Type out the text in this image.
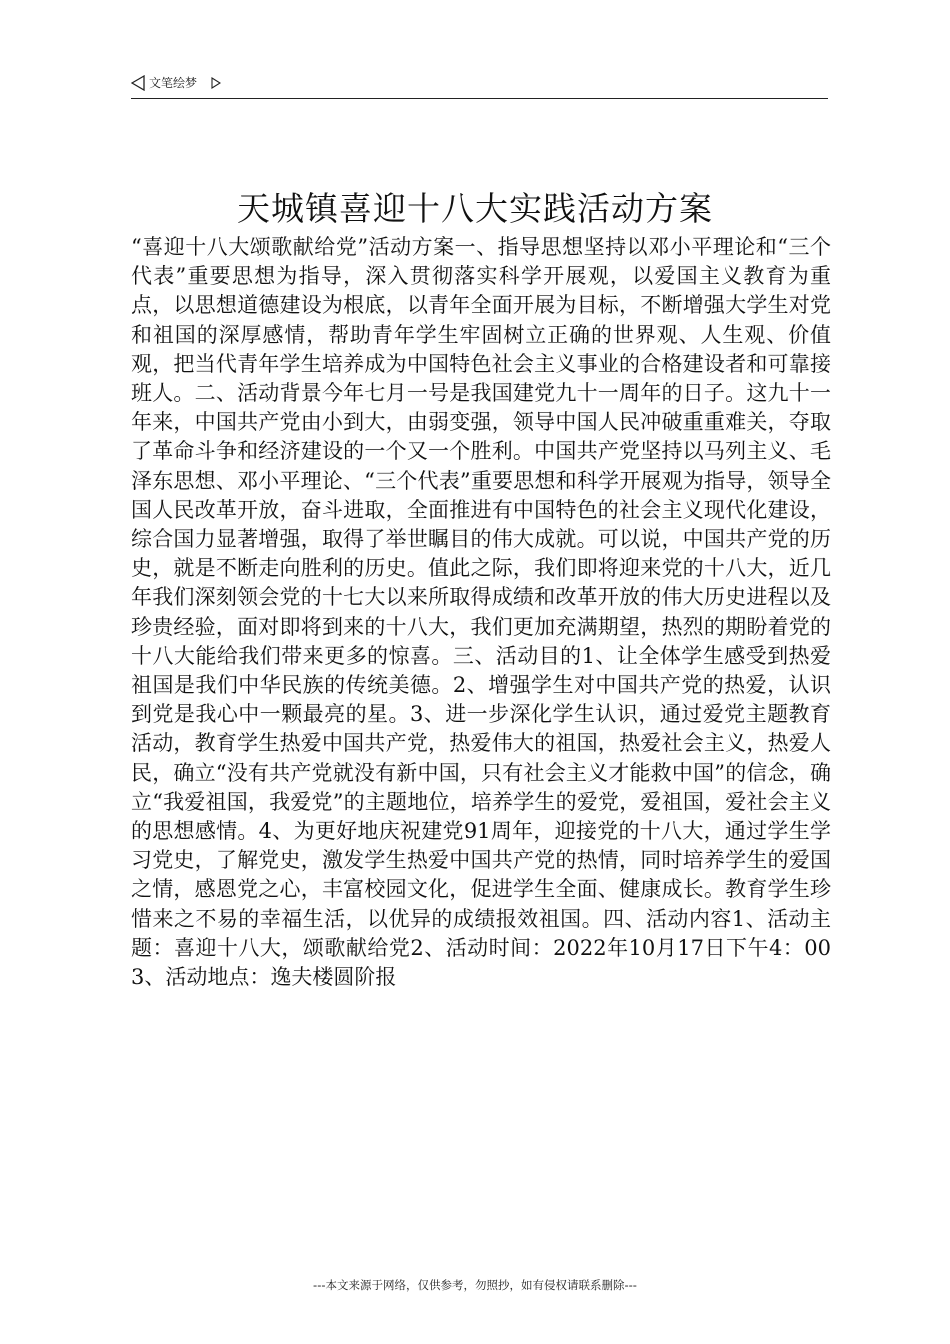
文笔绘梦
天城镇喜迎十八大实践活动方案
“喜迎十八大颂歌献给党”活动方案一、指导思想坚持以邓小平理论和“三个代表”重要思想为指导，深入贯彻落实科学开展观，以爱国主义教育为重点，以思想道德建设为根底，以青年全面开展为目标，不断增强大学生对党和祖国的深厚感情，帮助青年学生牢固树立正确的世界观、人生观、价值观，把当代青年学生培养成为中国特色社会主义事业的合格建设者和可靠接班人。二、活动背景今年七月一号是我国建党九十一周年的日子。这九十一年来，中国共产党由小到大，由弱变强，领导中国人民冲破重重难关，夺取了革命斗争和经济建设的一个又一个胜利。中国共产党坚持以马列主义、毛泽东思想、邓小平理论、“三个代表”重要思想和科学开展观为指导，领导全国人民改革开放，奋斗进取，全面推进有中国特色的社会主义现代化建设，综合国力显著增强，取得了举世瞩目的伟大成就。可以说，中国共产党的历史，就是不断走向胜利的历史。值此之际，我们即将迎来党的十八大，近几年我们深刻领会党的十七大以来所取得成绩和改革开放的伟大历史进程以及珍贵经验，面对即将到来的十八大，我们更加充满期望，热烈的期盼着党的十八大能给我们带来更多的惊喜。三、活动目的1、让全体学生感受到热爱祖国是我们中华民族的传统美德。2、增强学生对中国共产党的热爱，认识到党是我心中一颗最亮的星。3、进一步深化学生认识，通过爱党主题教育活动，教育学生热爱中国共产党，热爱伟大的祖国，热爱社会主义，热爱人民，确立“没有共产党就没有新中国，只有社会主义才能救中国”的信念，确立“我爱祖国，我爱党”的主题地位，培养学生的爱党，爱祖国，爱社会主义的思想感情。4、为更好地庆祝建党91周年，迎接党的十八大，通过学生学习党史，了解党史，激发学生热爱中国共产党的热情，同时培养学生的爱国之情，感恩党之心，丰富校园文化，促进学生全面、健康成长。教育学生珍惜来之不易的幸福生活，以优异的成绩报效祖国。四、活动内容1、活动主题：喜迎十八大，颂歌献给党2、活动时间：2022年10月17日下午4：003、活动地点：逸夫楼圆阶报
---本文来源于网络，仅供参考，勿照抄，如有侵权请联系删除---
